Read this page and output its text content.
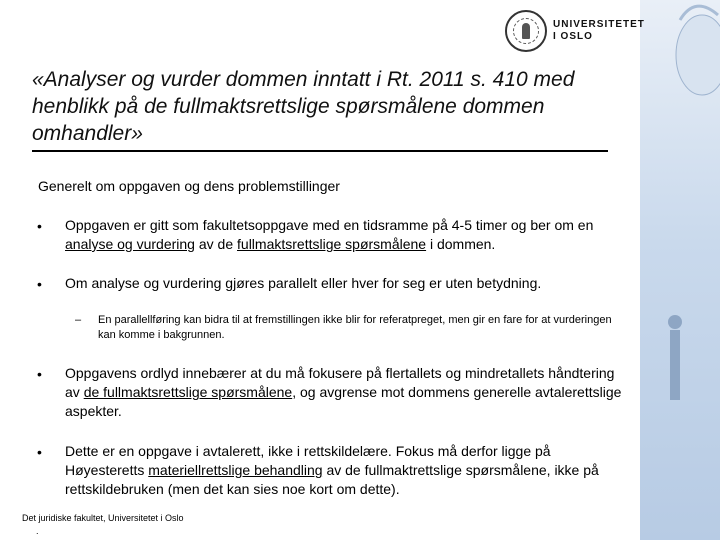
UNIVERSITETET
I OSLO
«Analyser og vurder dommen inntatt i Rt. 2011 s. 410 med henblikk på de fullmaktsrettslige spørsmålene dommen omhandler»
Generelt om oppgaven og dens problemstillinger
• Oppgaven er gitt som fakultetsoppgave med en tidsramme på 4-5 timer og ber om en analyse og vurdering av de fullmaktsrettslige spørsmålene i dommen.
• Om analyse og vurdering gjøres parallelt eller hver for seg er uten betydning.
– En parallellføring kan bidra til at fremstillingen ikke blir for referatpreget, men gir en fare for at vurderingen kan komme i bakgrunnen.
• Oppgavens ordlyd innebærer at du må fokusere på flertallets og mindretallets håndtering av de fullmaktsrettslige spørsmålene, og avgrense mot dommens generelle avtalerettslige aspekter.
• Dette er en oppgave i avtalerett, ikke i rettskildelære. Fokus må derfor ligge på Høyesteretts materiellrettslige behandling av de fullmaktrettslige spørsmålene, ikke på rettskildebruken (men det kan sies noe kort om dette).
Det juridiske fakultet, Universitetet i Oslo
.
